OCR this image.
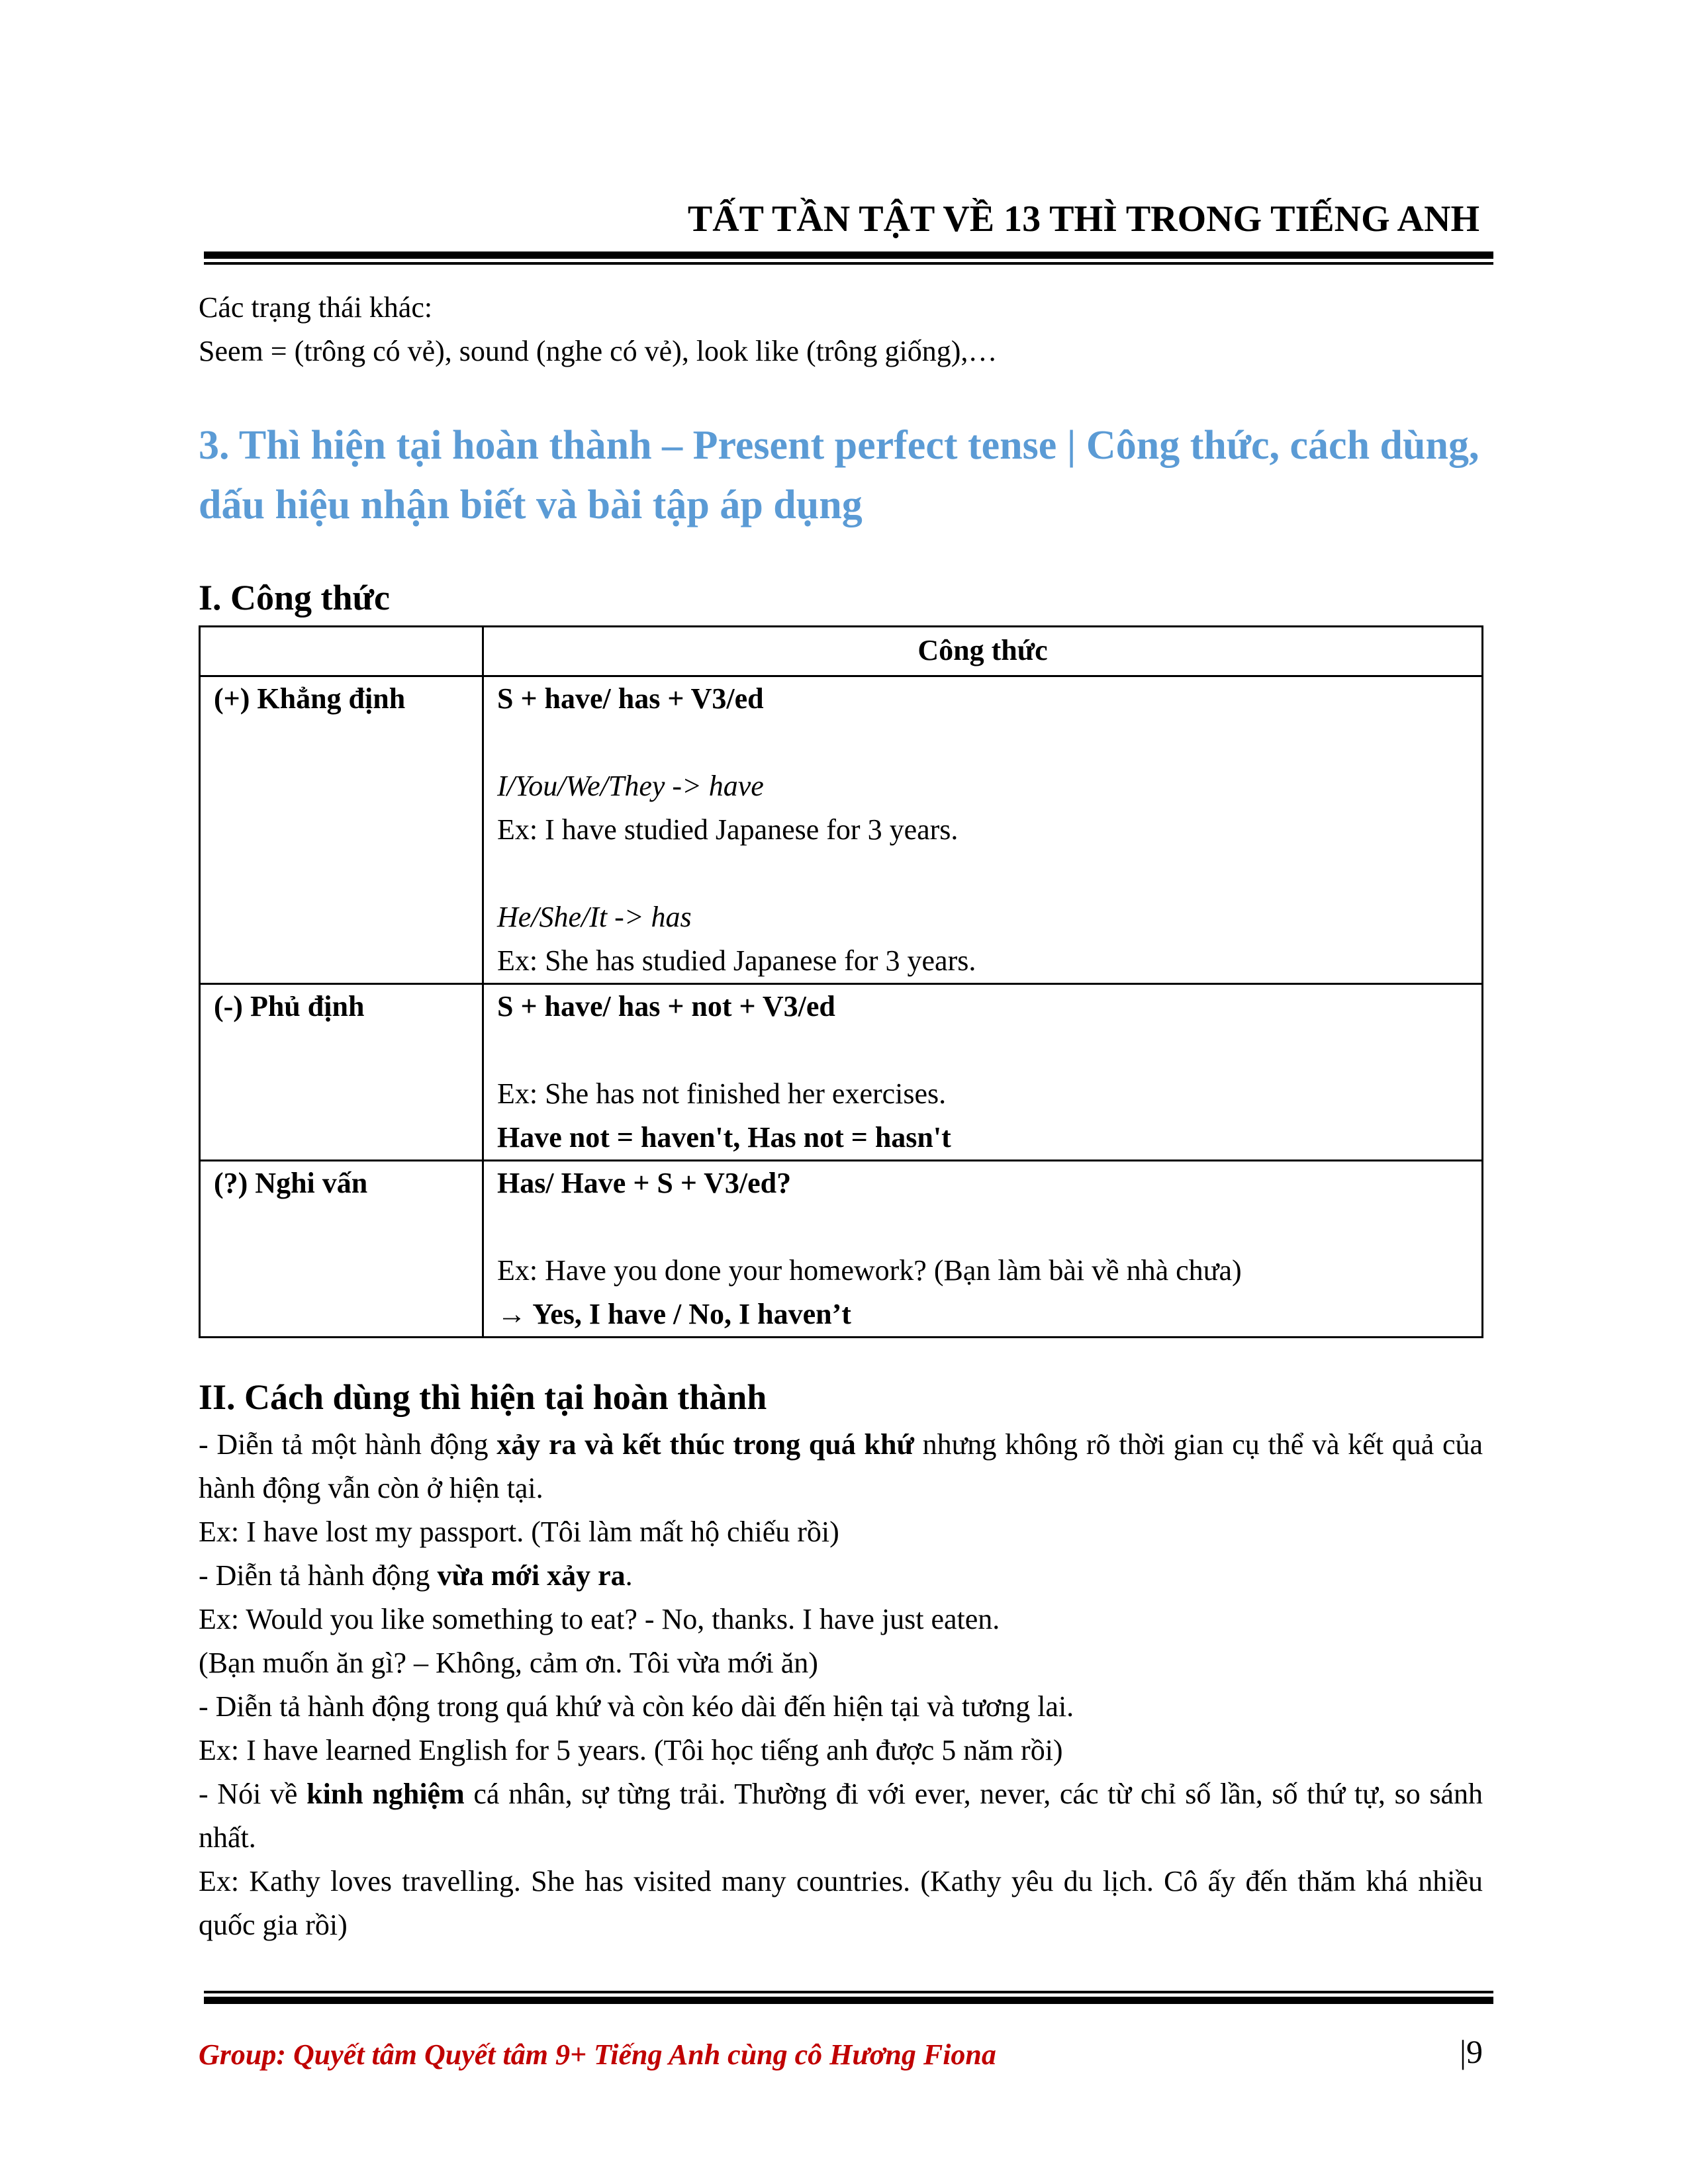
TẤT TẦN TẬT VỀ 13 THÌ TRONG TIẾNG ANH
Các trạng thái khác:
Seem = (trông có vẻ), sound (nghe có vẻ), look like (trông giống),…
3. Thì hiện tại hoàn thành – Present perfect tense | Công thức, cách dùng, dấu hiệu nhận biết và bài tập áp dụng
I. Công thức
	Công thức

(+) Khẳng định	S + have/ has + V3/ed
I/You/We/They -> have
Ex: I have studied Japanese for 3 years.
He/She/It -> has
Ex: She has studied Japanese for 3 years.

(-) Phủ định	S + have/ has + not + V3/ed
Ex: She has not finished her exercises.
Have not = haven't, Has not = hasn't

(?) Nghi vấn	Has/ Have + S + V3/ed?
Ex: Have you done your homework? (Bạn làm bài về nhà chưa)
→ Yes, I have / No, I haven’t
II. Cách dùng thì hiện tại hoàn thành
- Diễn tả một hành động xảy ra và kết thúc trong quá khứ nhưng không rõ thời gian cụ thể và kết quả của hành động vẫn còn ở hiện tại.
Ex: I have lost my passport. (Tôi làm mất hộ chiếu rồi)
- Diễn tả hành động vừa mới xảy ra.
Ex: Would you like something to eat? - No, thanks. I have just eaten.
(Bạn muốn ăn gì? – Không, cảm ơn. Tôi vừa mới ăn)
- Diễn tả hành động trong quá khứ và còn kéo dài đến hiện tại và tương lai.
Ex: I have learned English for 5 years. (Tôi học tiếng anh được 5 năm rồi)
- Nói về kinh nghiệm cá nhân, sự từng trải. Thường đi với ever, never, các từ chỉ số lần, số thứ tự, so sánh nhất.
Ex: Kathy loves travelling. She has visited many countries. (Kathy yêu du lịch. Cô ấy đến thăm khá nhiều quốc gia rồi)
Group: Quyết tâm Quyết tâm 9+ Tiếng Anh cùng cô Hương Fiona	|9
